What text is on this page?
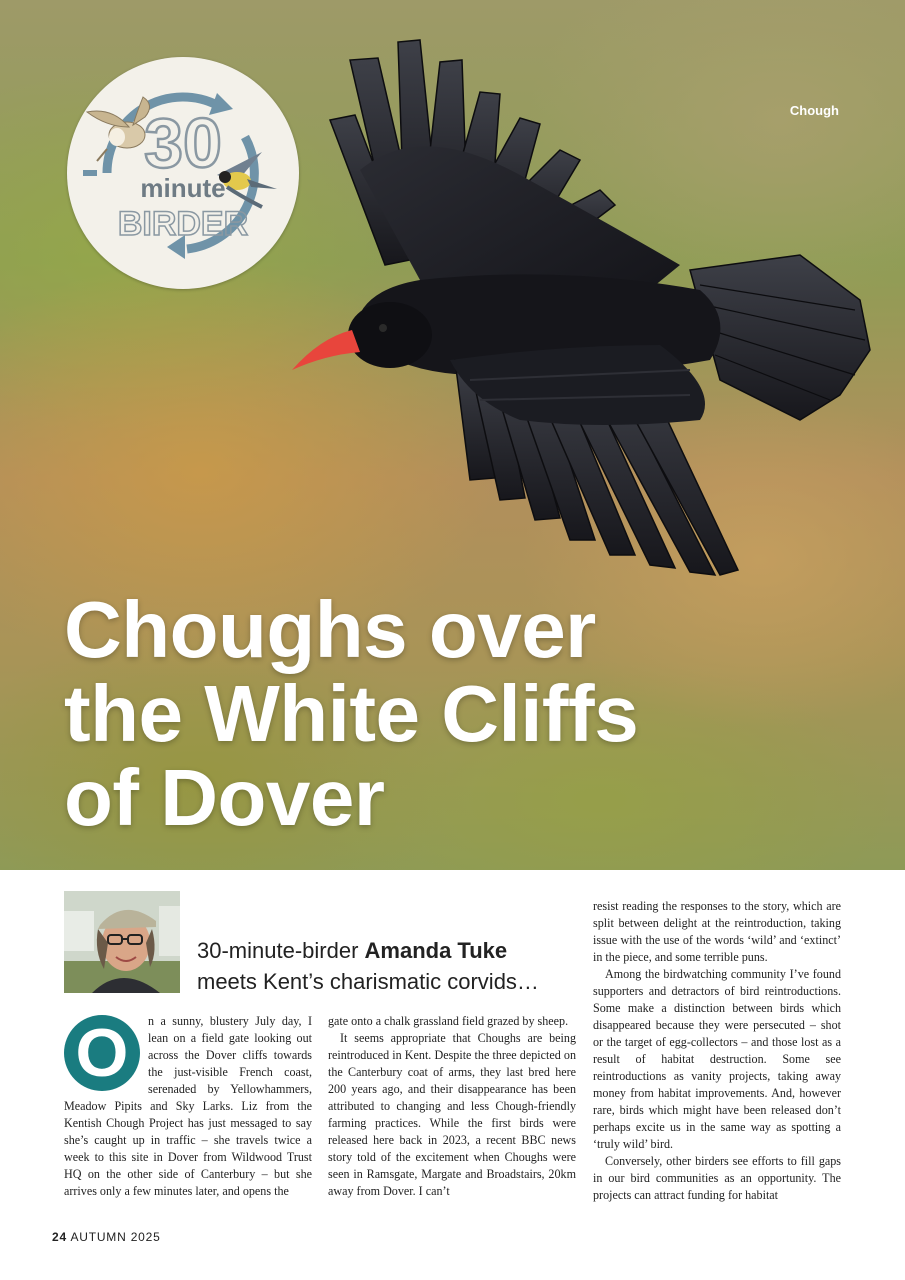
Chough
30
minute
BIRDER
Choughs over
the White Cliffs
of Dover
30-minute-birder Amanda Tuke
meets Kent’s charismatic corvids…

O	n a sunny, blustery July day, I lean on a field gate looking out across the Dover cliffs towards the just-visible French coast, serenaded by Yellowhammers, Meadow Pipits and Sky Larks. Liz from the Kentish Chough Project has just messaged to say she’s caught up in traffic – she travels twice a week to this site in Dover from Wildwood Trust HQ on the other side of Canterbury – but she arrives only a few minutes later, and opens the

gate onto a chalk grassland field grazed by sheep.

It seems appropriate that Choughs are being reintroduced in Kent. Despite the three depicted on the Canterbury coat of arms, they last bred here 200 years ago, and their disappearance has been attributed to changing and less Chough-friendly farming practices. While the first birds were released here back in 2023, a recent BBC news story told of the excitement when Choughs were seen in Ramsgate, Margate and Broadstairs, 20km away from Dover. I can’t

resist reading the responses to the story, which are split between delight at the reintroduction, taking issue with the use of the words ‘wild’ and ‘extinct’ in the piece, and some terrible puns.

Among the birdwatching community I’ve found supporters and detractors of bird reintroductions. Some make a distinction between birds which disappeared because they were persecuted – shot or the target of egg-collectors – and those lost as a result of habitat destruction. Some see reintroductions as vanity projects, taking away money from habitat improvements. And, however rare, birds which might have been released don’t perhaps excite us in the same way as spotting a ‘truly wild’ bird.

Conversely, other birders see efforts to fill gaps in our bird communities as an opportunity. The projects can attract funding for habitat

24 AUTUMN 2025
